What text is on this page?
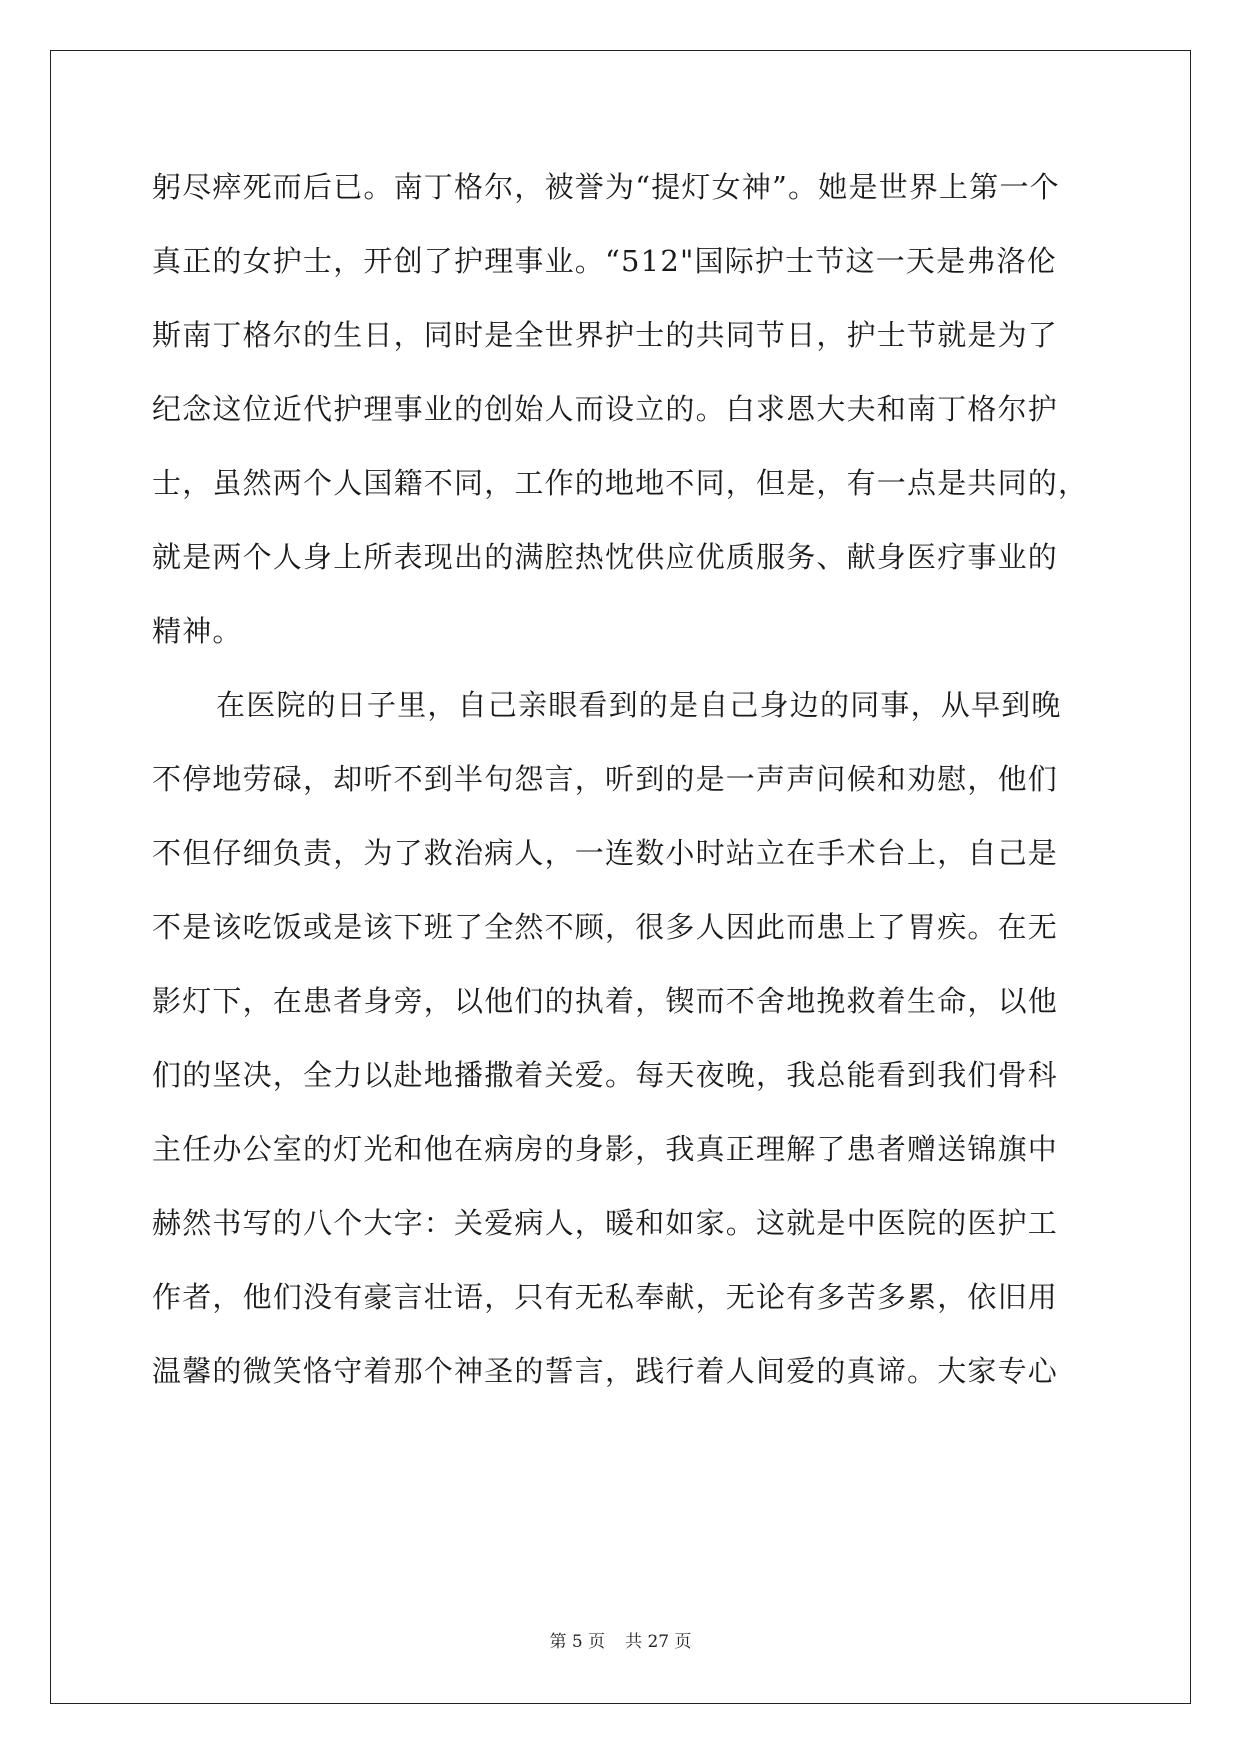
躬尽瘁死而后已。南丁格尔，被誉为“提灯女神”。她是世界上第一个
真正的女护士，开创了护理事业。“512"国际护士节这一天是弗洛伦
斯南丁格尔的生日，同时是全世界护士的共同节日，护士节就是为了
纪念这位近代护理事业的创始人而设立的。白求恩大夫和南丁格尔护
士，虽然两个人国籍不同，工作的地地不同，但是，有一点是共同的，
就是两个人身上所表现出的满腔热忱供应优质服务、献身医疗事业的
精神。
在医院的日子里，自己亲眼看到的是自己身边的同事，从早到晚
不停地劳碌，却听不到半句怨言，听到的是一声声问候和劝慰，他们
不但仔细负责，为了救治病人，一连数小时站立在手术台上，自己是
不是该吃饭或是该下班了全然不顾，很多人因此而患上了胃疾。在无
影灯下，在患者身旁，以他们的执着，锲而不舍地挽救着生命，以他
们的坚决，全力以赴地播撒着关爱。每天夜晚，我总能看到我们骨科
主任办公室的灯光和他在病房的身影，我真正理解了患者赠送锦旗中
赫然书写的八个大字：关爱病人，暖和如家。这就是中医院的医护工
作者，他们没有豪言壮语，只有无私奉献，无论有多苦多累，依旧用
温馨的微笑恪守着那个神圣的誓言，践行着人间爱的真谛。大家专心
第 5 页 共 27 页
